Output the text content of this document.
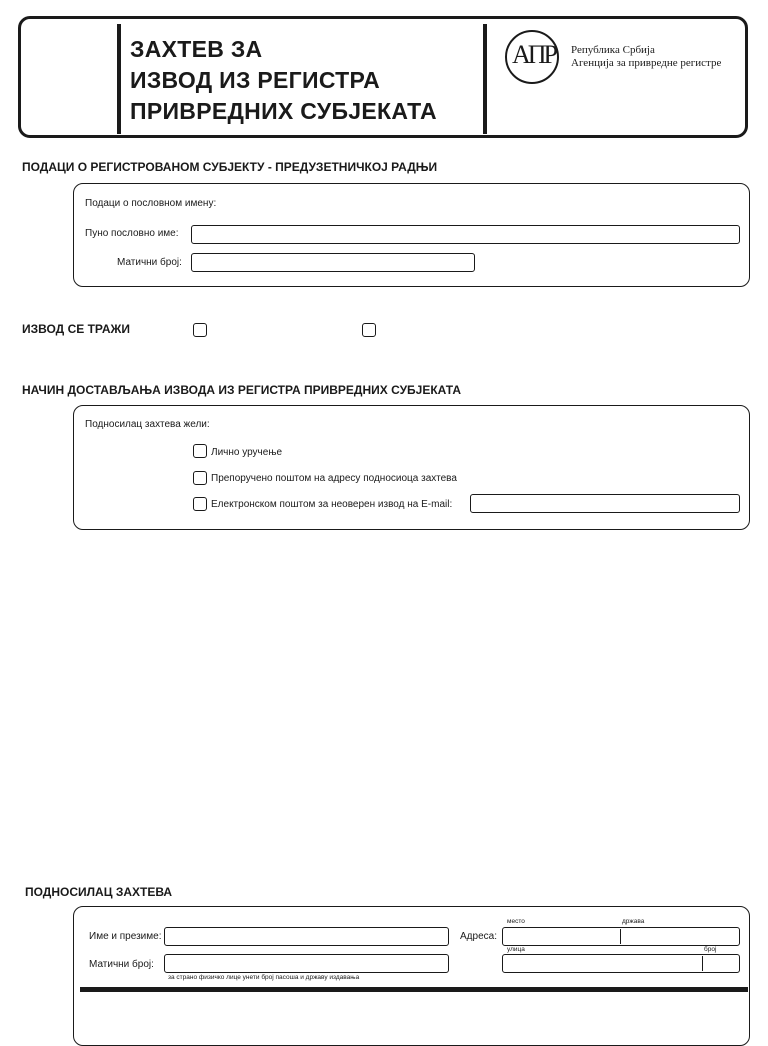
ЗАХТЕВ ЗА
ИЗВОД ИЗ РЕГИСТРА
ПРИВРЕДНИХ СУБЈЕКАТА
АПР Република Србија
Агенција за привредне регистре
ПОДАЦИ О РЕГИСТРОВАНОМ СУБЈЕКТУ - ПРЕДУЗЕТНИЧКОЈ РАДЊИ
Подаци о пословном имену:
Пуно пословно име:
Матични број:
ИЗВОД СЕ ТРАЖИ
НАЧИН ДОСТАВЉАЊА ИЗВОДА ИЗ РЕГИСТРА ПРИВРЕДНИХ СУБЈЕКАТА
Подносилац захтева жели:
Лично уручење
Препоручено поштом на адресу подносиоца захтева
Електронском поштом за неоверен извод на E-mail:
ПОДНОСИЛАЦ ЗАХТЕВА
Име и презиме:	Адреса:
место	држава
улица	број
Матични број:
за страно физичко лице унети број пасоша и државу издавања
